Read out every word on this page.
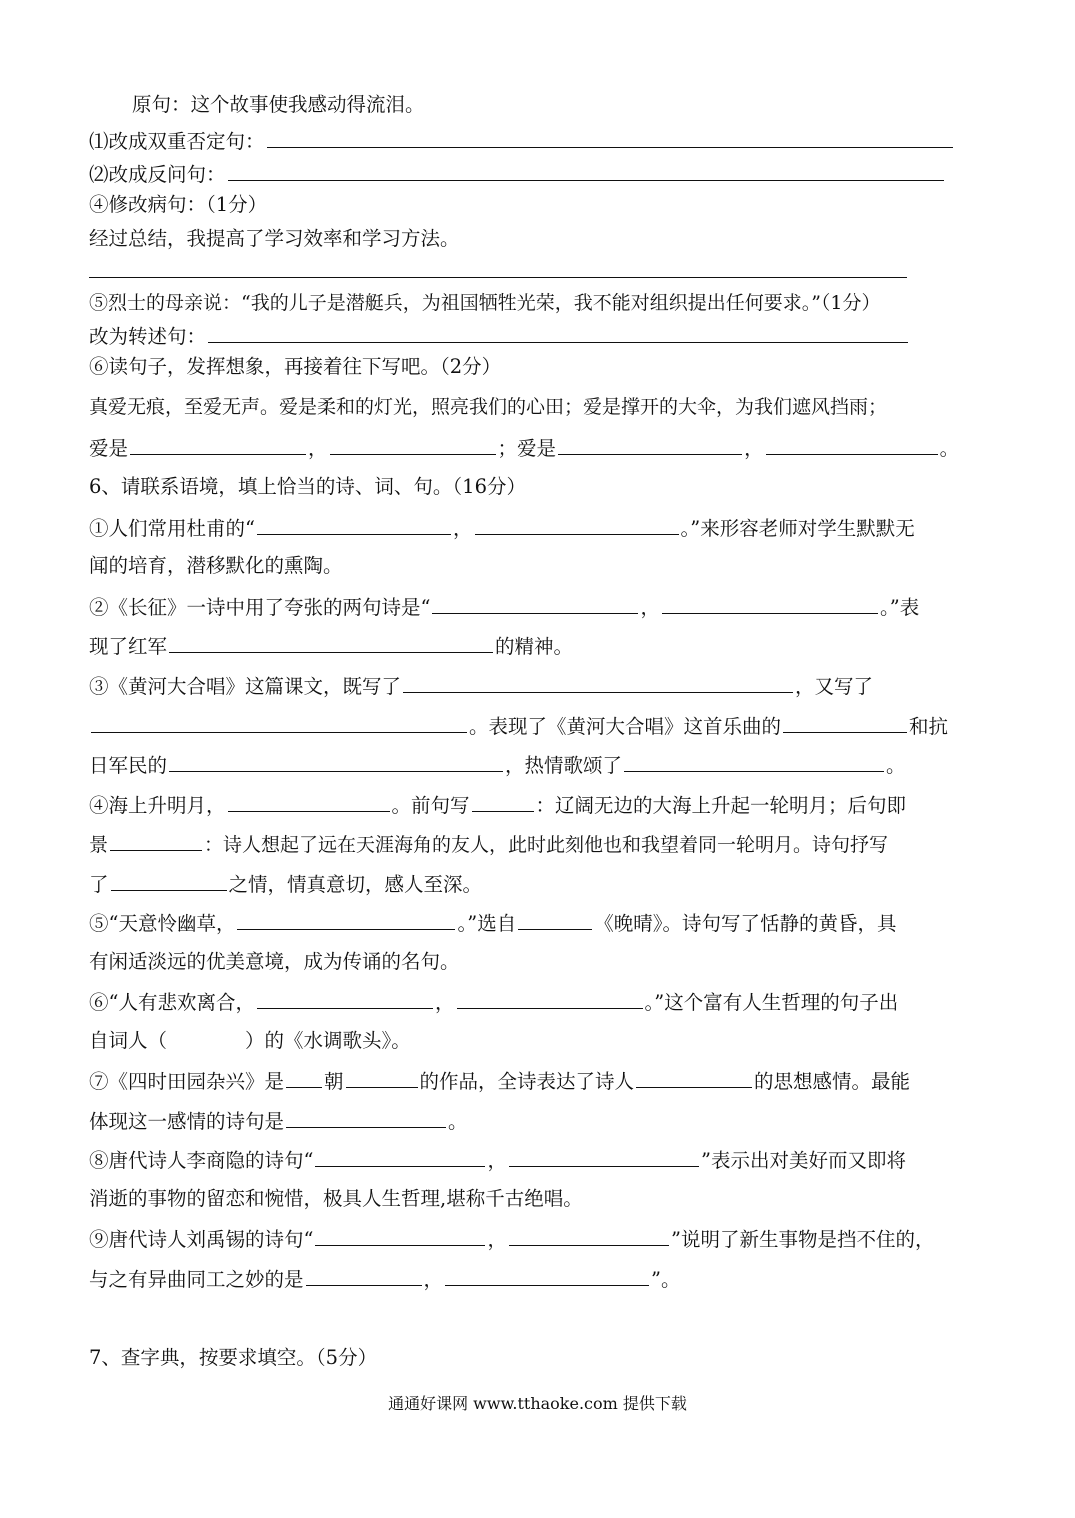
原句：这个故事使我感动得流泪。
⑴改成双重否定句：
⑵改成反问句：
④修改病句：（1分）
经过总结，我提高了学习效率和学习方法。
⑤烈士的母亲说：“我的儿子是潜艇兵，为祖国牺牲光荣，我不能对组织提出任何要求。”（1分）
改为转述句：
⑥读句子，发挥想象，再接着往下写吧。（2分）
真爱无痕，至爱无声。爱是柔和的灯光，照亮我们的心田；爱是撑开的大伞，为我们遮风挡雨；
爱是	，	；爱是	，	。
6、请联系语境，填上恰当的诗、词、句。（16分）
①人们常用杜甫的“	，	。”来形容老师对学生默默无
闻的培育，潜移默化的熏陶。
②《长征》一诗中用了夸张的两句诗是“	，	。”表
现了红军	的精神。
③《黄河大合唱》这篇课文，既写了	，又写了
。表现了《黄河大合唱》这首乐曲的	和抗
日军民的	，热情歌颂了	。
④海上升明月，	。前句写	：辽阔无边的大海上升起一轮明月；后句即
景	：诗人想起了远在天涯海角的友人，此时此刻他也和我望着同一轮明月。诗句抒写
了	之情，情真意切，感人至深。
⑤“天意怜幽草，	。”选自	《晚晴》。诗句写了恬静的黄昏，具
有闲适淡远的优美意境，成为传诵的名句。
⑥“人有悲欢离合，	，	。”这个富有人生哲理的句子出
自词人（	）的《水调歌头》。
⑦《四时田园杂兴》是 朝	的作品，全诗表达了诗人	的思想感情。最能
体现这一感情的诗句是	。
⑧唐代诗人李商隐的诗句“	，	”表示出对美好而又即将
消逝的事物的留恋和惋惜，极具人生哲理,堪称千古绝唱。
⑨唐代诗人刘禹锡的诗句“	，	”说明了新生事物是挡不住的，
与之有异曲同工之妙的是	，	”。
7、查字典，按要求填空。（5分）
通通好课网 www.tthaoke.com 提供下载
